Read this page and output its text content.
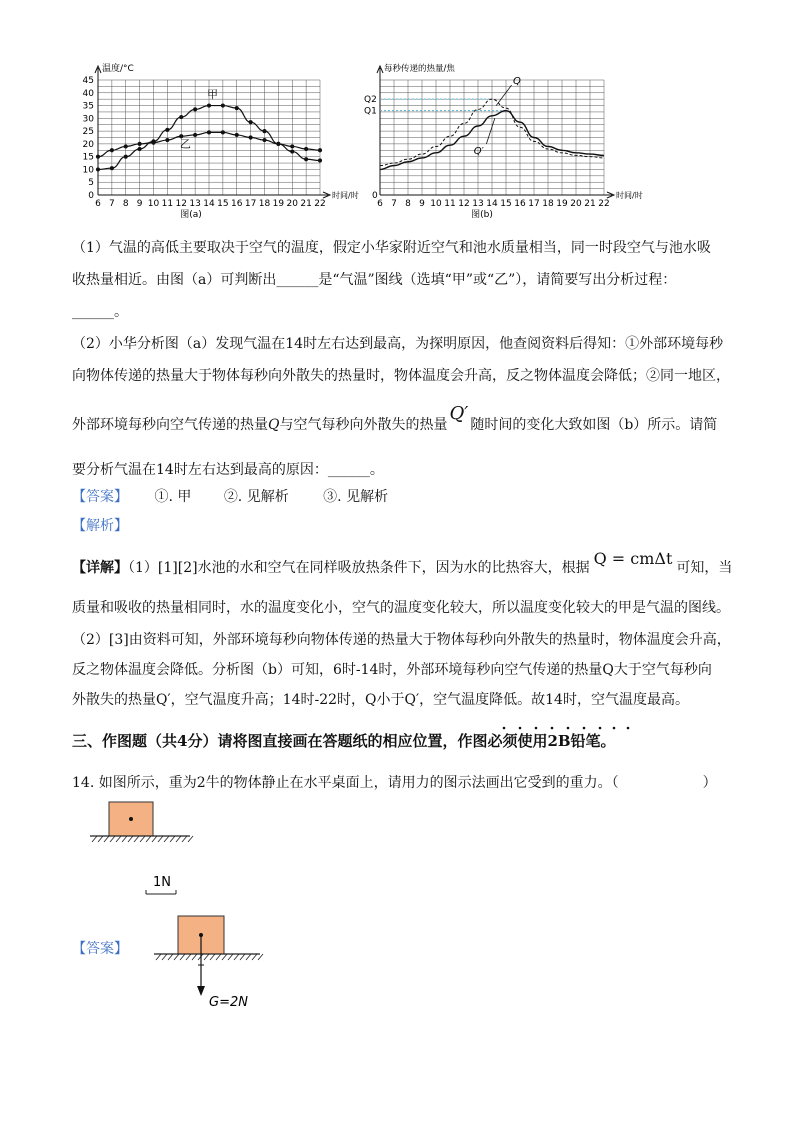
0
5
10
15
20
25
30
35
40
45
6 7 8 9 10 11 12 13 14 15 16 17 18 19 20 21 22
温度/°C
时间/时
图(a)
甲
乙
每秒传递的热量/焦
时间/时
6 7 8 9 10 11 12 13 14 15 16 17 18 19 20 21 22
图(b)
Q2
Q1
0
Q
Q′
（1）气温的高低主要取决于空气的温度，假定小华家附近空气和池水质量相当，同一时段空气与池水吸
收热量相近。由图（a）可判断出______是“气温”图线（选填“甲”或“乙”），请简要写出分析过程：
______。
（2）小华分析图（a）发现气温在14时左右达到最高，为探明原因，他查阅资料后得知：①外部环境每秒
向物体传递的热量大于物体每秒向外散失的热量时，物体温度会升高，反之物体温度会降低；②同一地区，
外部环境每秒向空气传递的热量Q与空气每秒向外散失的热量Q′随时间的变化大致如图（b）所示。请简
要分析气温在14时左右达到最高的原因：______。
【答案】 ①. 甲 ②. 见解析 ③. 见解析
【解析】
【详解】（1）[1][2]水池的水和空气在同样吸放热条件下，因为水的比热容大，根据 Q = cmΔt 可知，当
质量和吸收的热量相同时，水的温度变化小，空气的温度变化较大，所以温度变化较大的甲是气温的图线。
（2）[3]由资料可知，外部环境每秒向物体传递的热量大于物体每秒向外散失的热量时，物体温度会升高，
反之物体温度会降低。分析图（b）可知，6时-14时，外部环境每秒向空气传递的热量Q大于空气每秒向
外散失的热量Q′，空气温度升高；14时-22时，Q小于Q′，空气温度降低。故14时，空气温度最高。
三、作图题（共4分）请将图直接画在答题纸的相应位置，作图必须使用2B铅笔。
14. 如图所示，重为2牛的物体静止在水平桌面上，请用力的图示法画出它受到的重力。（　　　　　　）
【答案】
1N
G=2N
